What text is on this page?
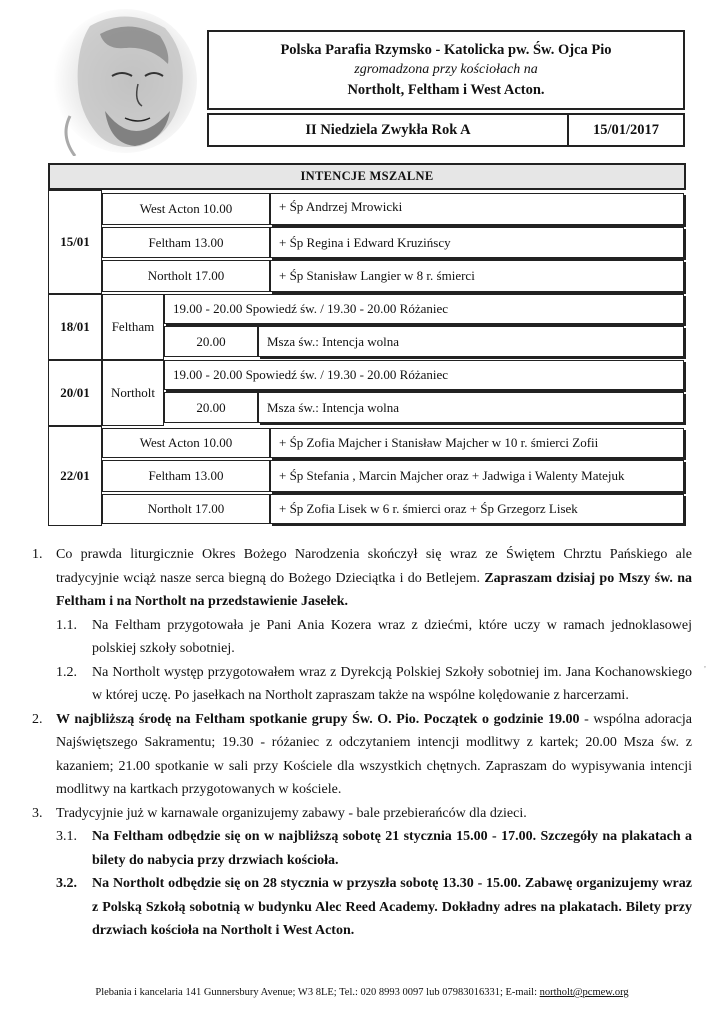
Polska Parafia Rzymsko - Katolicka pw. Św. Ojca Pio
zgromadzona przy kościołach na
Northolt, Feltham i West Acton.
II Niedziela Zwykła Rok A	15/01/2017
INTENCJE MSZALNE
15/01
West Acton 10.00	+ Śp Andrzej Mrowicki
Feltham 13.00	+ Śp Regina i Edward Kruzińscy
Northolt 17.00	+ Śp Stanisław Langier w 8 r. śmierci
18/01	Feltham
19.00 - 20.00 Spowiedź św. / 19.30 - 20.00 Różaniec
20.00	Msza św.: Intencja wolna
20/01	Northolt
19.00 - 20.00 Spowiedź św. / 19.30 - 20.00 Różaniec
20.00	Msza św.: Intencja wolna
22/01
West Acton 10.00	+ Śp Zofia Majcher i Stanisław Majcher w 10 r. śmierci Zofii
Feltham 13.00	+ Śp Stefania , Marcin Majcher oraz + Jadwiga i Walenty Matejuk
Northolt 17.00	+ Śp Zofia Lisek w 6 r. śmierci oraz + Śp Grzegorz Lisek
1. Co prawda liturgicznie Okres Bożego Narodzenia skończył się wraz ze Świętem Chrztu Pańskiego ale tradycyjnie wciąż nasze serca biegną do Bożego Dzieciątka i do Betlejem. Zapraszam dzisiaj po Mszy św. na Feltham i na Northolt na przedstawienie Jasełek.
1.1. Na Feltham przygotowała je Pani Ania Kozera wraz z dziećmi, które uczy w ramach jednoklasowej polskiej szkoły sobotniej.
1.2. Na Northolt występ przygotowałem wraz z Dyrekcją Polskiej Szkoły sobotniej im. Jana Kochanowskiego w której uczę. Po jasełkach na Northolt zapraszam także na wspólne kolędowanie z harcerzami.
2. W najbliższą środę na Feltham spotkanie grupy Św. O. Pio. Początek o godzinie 19.00 - wspólna adoracja Najświętszego Sakramentu; 19.30 - różaniec z odczytaniem intencji modlitwy z kartek; 20.00 Msza św. z kazaniem; 21.00 spotkanie w sali przy Kościele dla wszystkich chętnych. Zapraszam do wypisywania intencji modlitwy na kartkach przygotowanych w kościele.
3. Tradycyjnie już w karnawale organizujemy zabawy - bale przebierańców dla dzieci.
3.1. Na Feltham odbędzie się on w najbliższą sobotę 21 stycznia 15.00 - 17.00. Szczegóły na plakatach a bilety do nabycia przy drzwiach kościoła.
3.2. Na Northolt odbędzie się on 28 stycznia w przyszła sobotę 13.30 - 15.00. Zabawę organizujemy wraz z Polską Szkołą sobotnią w budynku Alec Reed Academy. Dokładny adres na plakatach. Bilety przy drzwiach kościoła na Northolt i West Acton.
,
Plebania i kancelaria 141 Gunnersbury Avenue; W3 8LE; Tel.: 020 8993 0097 lub 07983016331; E-mail: northolt@pcmew.org
